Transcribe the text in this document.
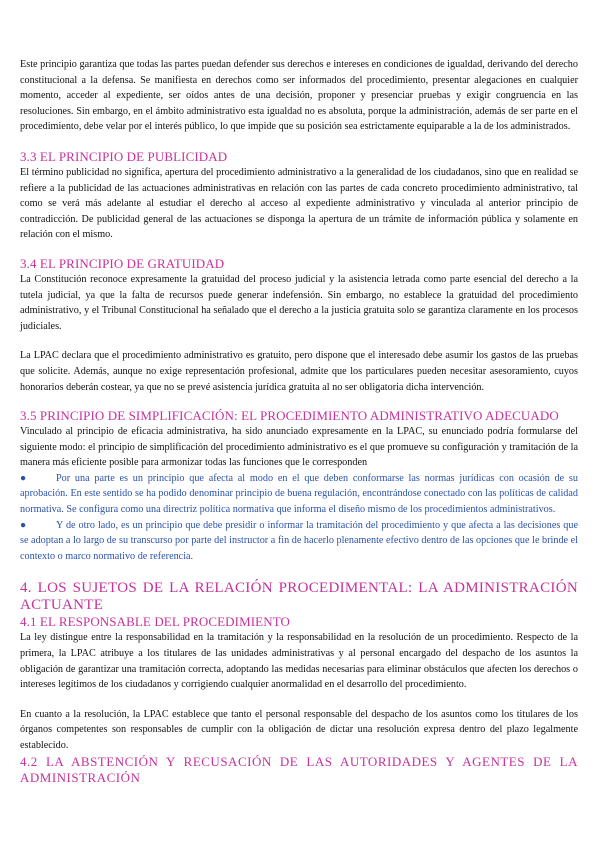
Este principio garantiza que todas las partes puedan defender sus derechos e intereses en condiciones de igualdad, derivando del derecho constitucional a la defensa. Se manifiesta en derechos como ser informados del procedimiento, presentar alegaciones en cualquier momento, acceder al expediente, ser oídos antes de una decisión, proponer y presenciar pruebas y exigir congruencia en las resoluciones. Sin embargo, en el ámbito administrativo esta igualdad no es absoluta, porque la administración, además de ser parte en el procedimiento, debe velar por el interés público, lo que impide que su posición sea estrictamente equiparable a la de los administrados.

3.3 EL PRINCIPIO DE PUBLICIDAD

El término publicidad no significa, apertura del procedimiento administrativo a la generalidad de los ciudadanos, sino que en realidad se refiere a la publicidad de las actuaciones administrativas en relación con las partes de cada concreto procedimiento administrativo, tal como se verá más adelante al estudiar el derecho al acceso al expediente administrativo y vinculada al anterior principio de contradicción. De publicidad general de las actuaciones se disponga la apertura de un trámite de información pública y solamente en relación con el mismo.

3.4 EL PRINCIPIO DE GRATUIDAD

La Constitución reconoce expresamente la gratuidad del proceso judicial y la asistencia letrada como parte esencial del derecho a la tutela judicial, ya que la falta de recursos puede generar indefensión. Sin embargo, no establece la gratuidad del procedimiento administrativo, y el Tribunal Constitucional ha señalado que el derecho a la justicia gratuita solo se garantiza claramente en los procesos judiciales.

La LPAC declara que el procedimiento administrativo es gratuito, pero dispone que el interesado debe asumir los gastos de las pruebas que solicite. Además, aunque no exige representación profesional, admite que los particulares pueden necesitar asesoramiento, cuyos honorarios deberán costear, ya que no se prevé asistencia jurídica gratuita al no ser obligatoria dicha intervención.

3.5 PRINCIPIO DE SIMPLIFICACIÓN: EL PROCEDIMIENTO ADMINISTRATIVO ADECUADO

Vinculado al principio de eficacia administrativa, ha sido anunciado expresamente en la LPAC, su enunciado podría formularse del siguiente modo: el principio de simplificación del procedimiento administrativo es el que promueve su configuración y tramitación de la manera más eficiente posible para armonizar todas las funciones que le corresponden

●	Por una parte es un principio que afecta al modo en el que deben conformarse las normas jurídicas con ocasión de su aprobación. En este sentido se ha podido denominar principio de buena regulación, encontrándose conectado con las políticas de calidad normativa. Se configura como una directriz política normativa que informa el diseño mismo de los procedimientos administrativos.

●	Y de otro lado, es un principio que debe presidir o informar la tramitación del procedimiento y que afecta a las decisiones que se adoptan a lo largo de su transcurso por parte del instructor a fin de hacerlo plenamente efectivo dentro de las opciones que le brinde el contexto o marco normativo de referencia.

4. LOS SUJETOS DE LA RELACIÓN PROCEDIMENTAL: LA ADMINISTRACIÓN ACTUANTE
4.1 EL RESPONSABLE DEL PROCEDIMIENTO

La ley distingue entre la responsabilidad en la tramitación y la responsabilidad en la resolución de un procedimiento. Respecto de la primera, la LPAC atribuye a los titulares de las unidades administrativas y al personal encargado del despacho de los asuntos la obligación de garantizar una tramitación correcta, adoptando las medidas necesarias para eliminar obstáculos que afecten los derechos o intereses legítimos de los ciudadanos y corrigiendo cualquier anormalidad en el desarrollo del procedimiento.

En cuanto a la resolución, la LPAC establece que tanto el personal responsable del despacho de los asuntos como los titulares de los órganos competentes son responsables de cumplir con la obligación de dictar una resolución expresa dentro del plazo legalmente establecido.

4.2 LA ABSTENCIÓN Y RECUSACIÓN DE LAS AUTORIDADES Y AGENTES DE LA ADMINISTRACIÓN
